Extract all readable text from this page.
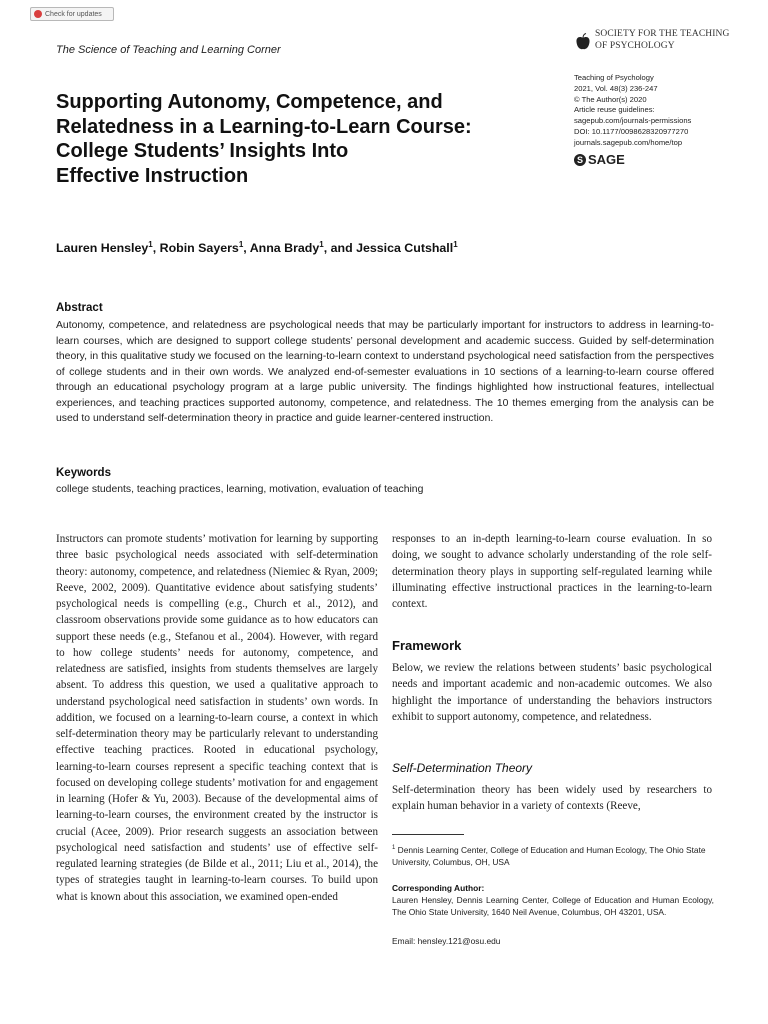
Check for updates
The Science of Teaching and Learning Corner
SOCIETY FOR THE TEACHING
OF PSYCHOLOGY
Teaching of Psychology
2021, Vol. 48(3) 236-247
© The Author(s) 2020
Article reuse guidelines:
sagepub.com/journals-permissions
DOI: 10.1177/0098628320977270
journals.sagepub.com/home/top
S SAGE
Supporting Autonomy, Competence, and
Relatedness in a Learning-to-Learn Course:
College Students’ Insights Into
Effective Instruction
Lauren Hensley$^1$, Robin Sayers$^1$, Anna Brady$^1$, and Jessica Cutshall$^1$
Abstract
Autonomy, competence, and relatedness are psychological needs that may be particularly important for instructors to address in learning-to-learn courses, which are designed to support college students’ personal development and academic success. Guided by self-determination theory, in this qualitative study we focused on the learning-to-learn context to understand psychological need satisfaction from the perspectives of college students and in their own words. We analyzed end-of-semester evaluations in 10 sections of a learning-to-learn course offered through an educational psychology program at a large public university. The findings highlighted how instructional features, intellectual experiences, and teaching practices supported autonomy, competence, and relatedness. The 10 themes emerging from the analysis can be used to understand self-determination theory in practice and guide learner-centered instruction.
Keywords
college students, teaching practices, learning, motivation, evaluation of teaching
Instructors can promote students’ motivation for learning by supporting three basic psychological needs associated with self-determination theory: autonomy, competence, and relatedness (Niemiec & Ryan, 2009; Reeve, 2002, 2009). Quantitative evidence about satisfying students’ psychological needs is compelling (e.g., Church et al., 2012), and classroom observations provide some guidance as to how educators can support these needs (e.g., Stefanou et al., 2004). However, with regard to how college students’ needs for autonomy, competence, and relatedness are satisfied, insights from students themselves are largely absent. To address this question, we used a qualitative approach to understand psychological need satisfaction in students’ own words. In addition, we focused on a learning-to-learn course, a context in which self-determination theory may be particularly relevant to understanding effective teaching practices. Rooted in educational psychology, learning-to-learn courses represent a specific teaching context that is focused on developing college students’ motivation for and engagement in learning (Hofer & Yu, 2003). Because of the developmental aims of learning-to-learn courses, the environment created by the instructor is crucial (Acee, 2009). Prior research suggests an association between psychological need satisfaction and students’ use of effective self-regulated learning strategies (de Bilde et al., 2011; Liu et al., 2014), the types of strategies taught in learning-to-learn courses. To build upon what is known about this association, we examined open-ended
responses to an in-depth learning-to-learn course evaluation. In so doing, we sought to advance scholarly understanding of the role self-determination theory plays in supporting self-regulated learning while illuminating effective instructional practices in the learning-to-learn context.
Framework
Below, we review the relations between students’ basic psychological needs and important academic and non-academic outcomes. We also highlight the importance of understanding the behaviors instructors exhibit to support autonomy, competence, and relatedness.
Self-Determination Theory
Self-determination theory has been widely used by researchers to explain human behavior in a variety of contexts (Reeve,
$^1$ Dennis Learning Center, College of Education and Human Ecology, The Ohio State University, Columbus, OH, USA
Corresponding Author:
Lauren Hensley, Dennis Learning Center, College of Education and Human Ecology, The Ohio State University, 1640 Neil Avenue, Columbus, OH 43201, USA.
Email: hensley.121@osu.edu
